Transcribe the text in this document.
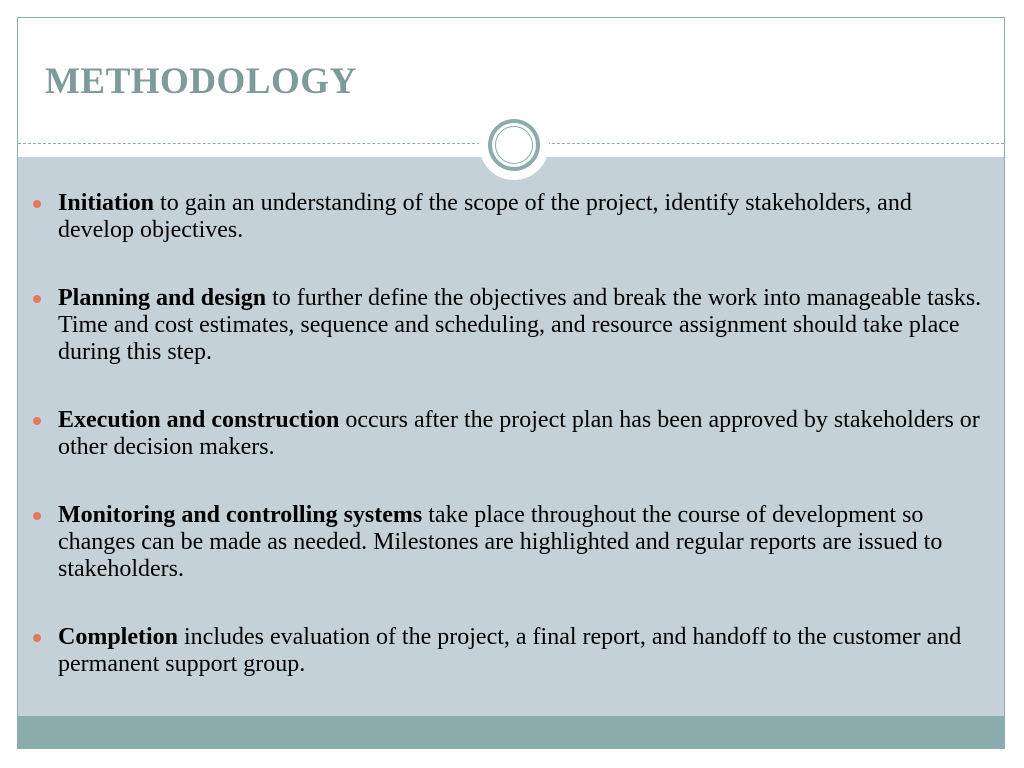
METHODOLOGY
Initiation to gain an understanding of the scope of the project, identify stakeholders, and develop objectives.
Planning and design to further define the objectives and break the work into manageable tasks. Time and cost estimates, sequence and scheduling, and resource assignment should take place during this step.
Execution and construction occurs after the project plan has been approved by stakeholders or other decision makers.
Monitoring and controlling systems take place throughout the course of development so changes can be made as needed. Milestones are highlighted and regular reports are issued to stakeholders.
Completion includes evaluation of the project, a final report, and handoff to the customer and permanent support group.
